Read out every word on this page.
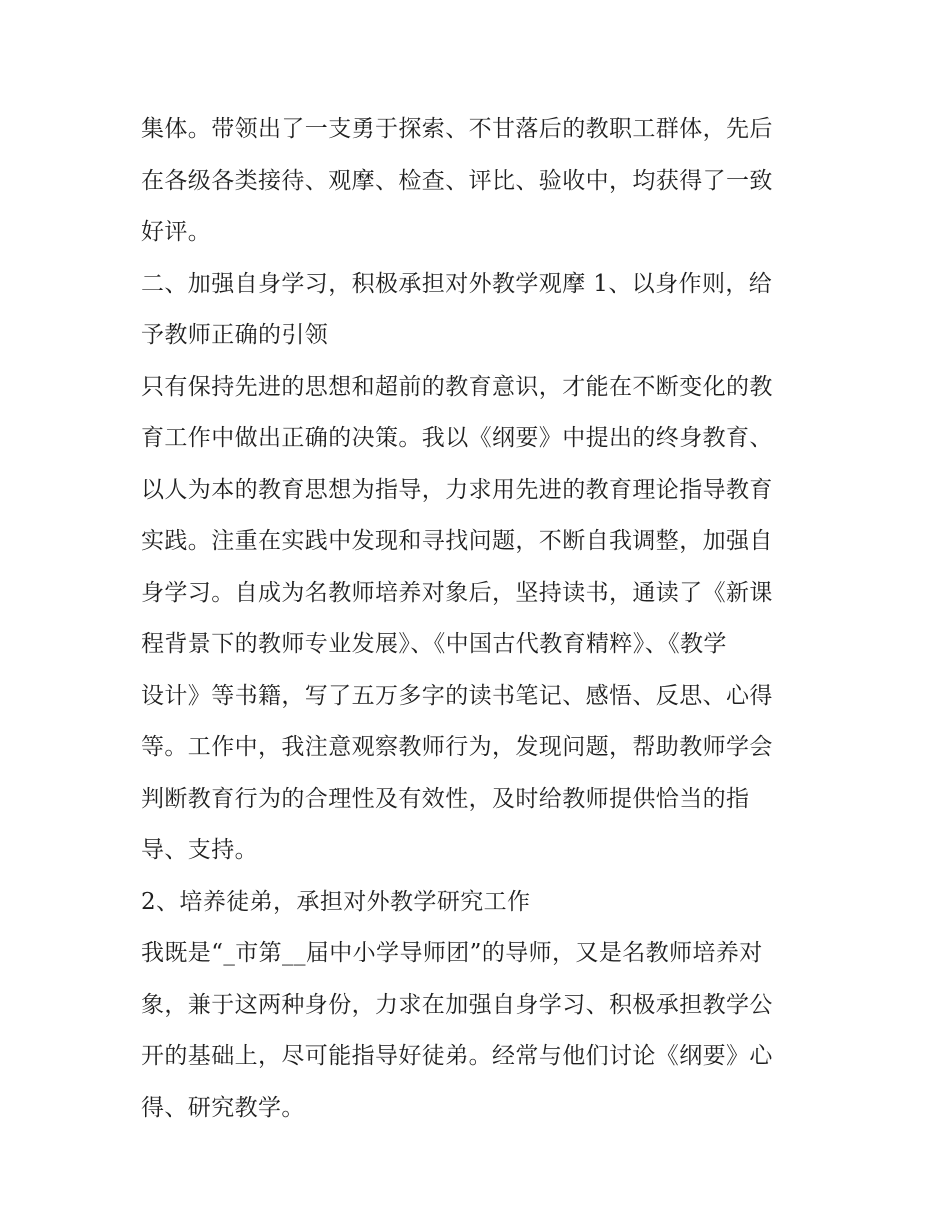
集体。带领出了一支勇于探索、不甘落后的教职工群体，先后
在各级各类接待、观摩、检查、评比、验收中，均获得了一致
好评。
二、加强自身学习，积极承担对外教学观摩 1、以身作则，给
予教师正确的引领
只有保持先进的思想和超前的教育意识，才能在不断变化的教
育工作中做出正确的决策。我以《纲要》中提出的终身教育、
以人为本的教育思想为指导，力求用先进的教育理论指导教育
实践。注重在实践中发现和寻找问题，不断自我调整，加强自
身学习。自成为名教师培养对象后，坚持读书，通读了《新课
程背景下的教师专业发展》、《中国古代教育精粹》、《教学
设计》等书籍，写了五万多字的读书笔记、感悟、反思、心得
等。工作中，我注意观察教师行为，发现问题，帮助教师学会
判断教育行为的合理性及有效性，及时给教师提供恰当的指
导、支持。
2、培养徒弟，承担对外教学研究工作
我既是“_市第__届中小学导师团”的导师，又是名教师培养对
象，兼于这两种身份，力求在加强自身学习、积极承担教学公
开的基础上，尽可能指导好徒弟。经常与他们讨论《纲要》心
得、研究教学。
